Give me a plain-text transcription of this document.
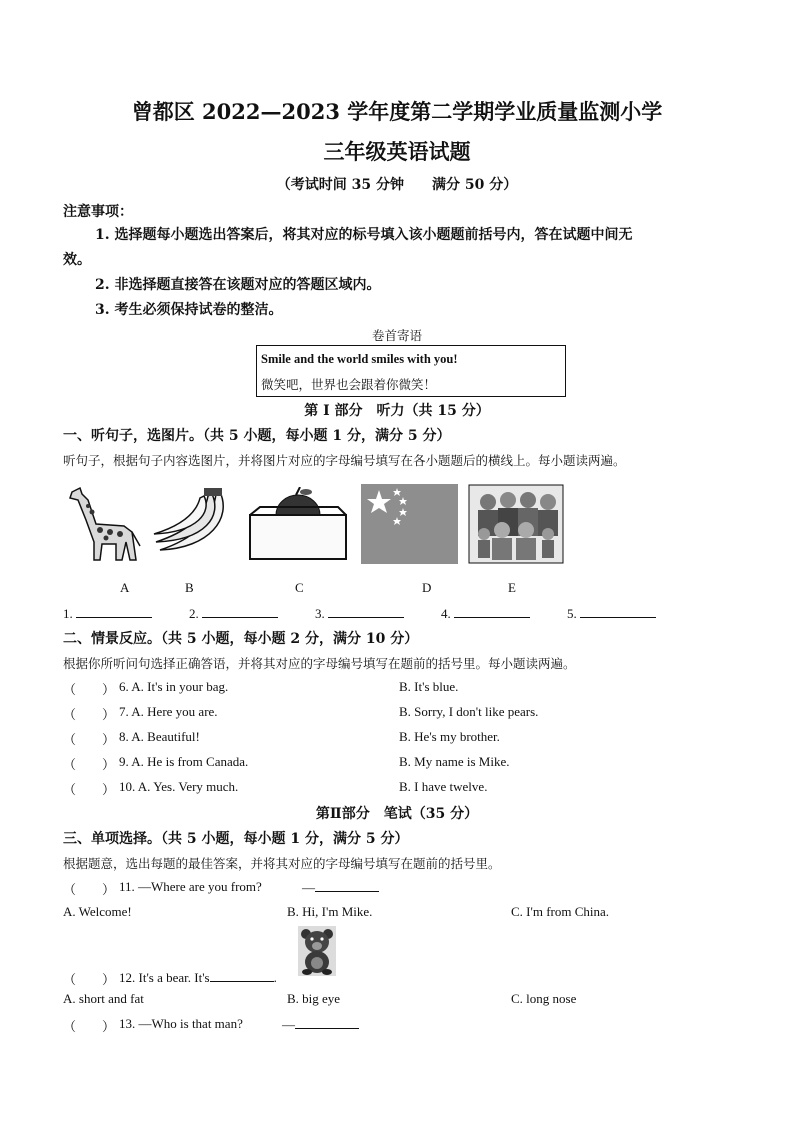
曾都区 2022—2023 学年度第二学期学业质量监测小学
三年级英语试题
（考试时间 35 分钟　　满分 50 分）
注意事项：
1. 选择题每小题选出答案后，将其对应的标号填入该小题题前括号内，答在试题中间无
效。
2. 非选择题直接答在该题对应的答题区域内。
3. 考生必须保持试卷的整洁。
卷首寄语
Smile and the world smiles with you!
微笑吧，世界也会跟着你微笑！
第 I 部分　听力（共 15 分）
一、听句子，选图片。（共 5 小题，每小题 1 分，满分 5 分）
听句子，根据句子内容选图片，并将图片对应的字母编号填写在各小题题后的横线上。每小题读两遍。
A	B	C	D	E
1.	2.	3.	4.	5.
二、情景反应。（共 5 小题，每小题 2 分，满分 10 分）
根据你所听问句选择正确答语，并将其对应的字母编号填写在题前的括号里。每小题读两遍。
（　　） 6. A. It's in your bag.	B. It's blue.
（　　） 7. A. Here you are.	B. Sorry, I don't like pears.
（　　） 8. A. Beautiful!	B. He's my brother.
（　　） 9. A. He is from Canada.	B. My name is Mike.
（　　） 10. A. Yes. Very much.	B. I have twelve.
第Ⅱ部分　笔试（35 分）
三、单项选择。（共 5 小题，每小题 1 分，满分 5 分）
根据题意，选出每题的最佳答案，并将其对应的字母编号填写在题前的括号里。
（　　） 11. —Where are you from?	—
A. Welcome!	B. Hi, I'm Mike.	C. I'm from China.
（　　） 12. It's a bear. It's	.
A. short and fat	B. big eye	C. long nose
（　　） 13. —Who is that man?	—
